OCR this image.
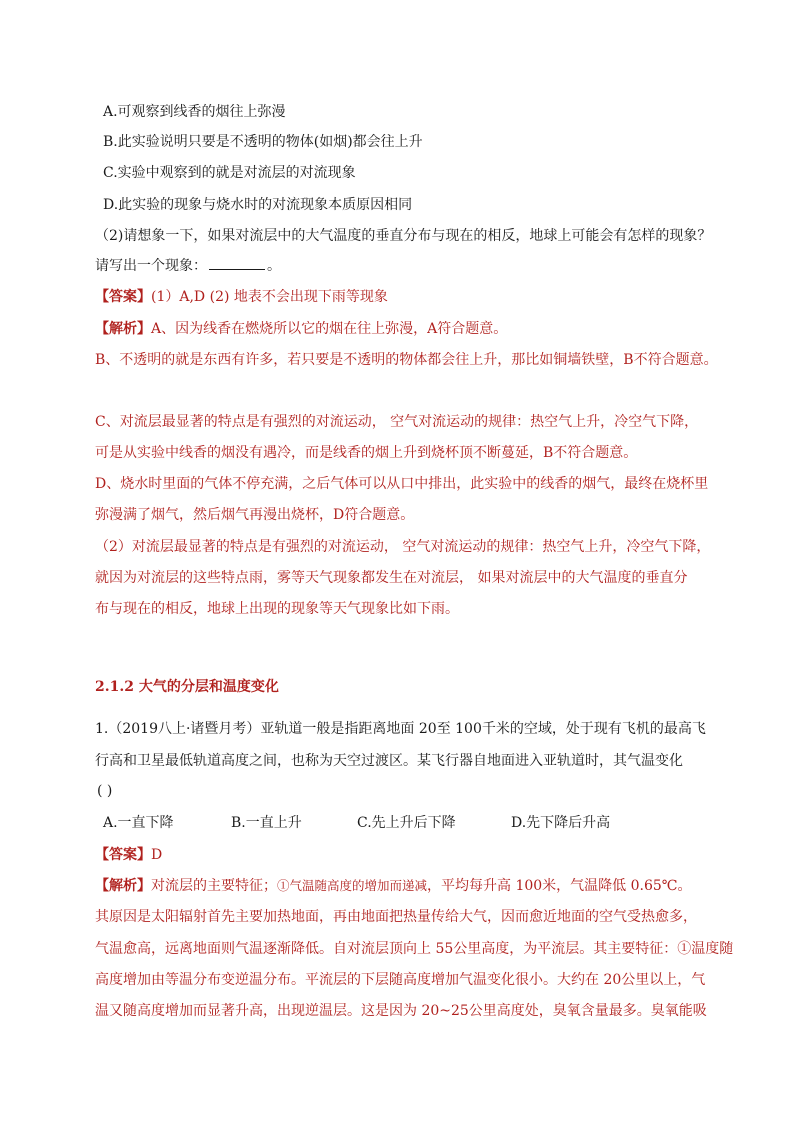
A.可观察到线香的烟往上弥漫
B.此实验说明只要是不透明的物体(如烟)都会往上升
C.实验中观察到的就是对流层的对流现象
D.此实验的现象与烧水时的对流现象本质原因相同
（2)请想象一下，如果对流层中的大气温度的垂直分布与现在的相反，地球上可能会有怎样的现象？
请写出一个现象：	。
【答案】(1）A,D (2) 地表不会出现下雨等现象
【解析】A、因为线香在燃烧所以它的烟在往上弥漫，A符合题意。
B、不透明的就是东西有许多，若只要是不透明的物体都会往上升，那比如铜墙铁壁，B不符合题意。
C、对流层最显著的特点是有强烈的对流运动， 空气对流运动的规律：热空气上升，冷空气下降，
可是从实验中线香的烟没有遇冷，而是线香的烟上升到烧杯顶不断蔓延，B不符合题意。
D、烧水时里面的气体不停充满，之后气体可以从口中排出，此实验中的线香的烟气，最终在烧杯里
弥漫满了烟气，然后烟气再漫出烧杯，D符合题意。
（2）对流层最显著的特点是有强烈的对流运动， 空气对流运动的规律：热空气上升，冷空气下降，
就因为对流层的这些特点雨，雾等天气现象都发生在对流层， 如果对流层中的大气温度的垂直分
布与现在的相反，地球上出现的现象等天气现象比如下雨。
2.1.2 大气的分层和温度变化
1.（2019八上·诸暨月考）亚轨道一般是指距离地面 20至 100千米的空域，处于现有飞机的最高飞
行高和卫星最低轨道高度之间，也称为天空过渡区。某飞行器自地面进入亚轨道时，其气温变化
( )
A.一直下降	B.一直上升	C.先上升后下降	D.先下降后升高
【答案】D
【解析】对流层的主要特征；①气温随高度的增加而递减，平均每升高 100米，气温降低 0.65℃。
其原因是太阳辐射首先主要加热地面，再由地面把热量传给大气，因而愈近地面的空气受热愈多，
气温愈高，远离地面则气温逐渐降低。自对流层顶向上 55公里高度，为平流层。其主要特征：①温度随
高度增加由等温分布变逆温分布。平流层的下层随高度增加气温变化很小。大约在 20公里以上，气
温又随高度增加而显著升高，出现逆温层。这是因为 20~25公里高度处，臭氧含量最多。臭氧能吸
